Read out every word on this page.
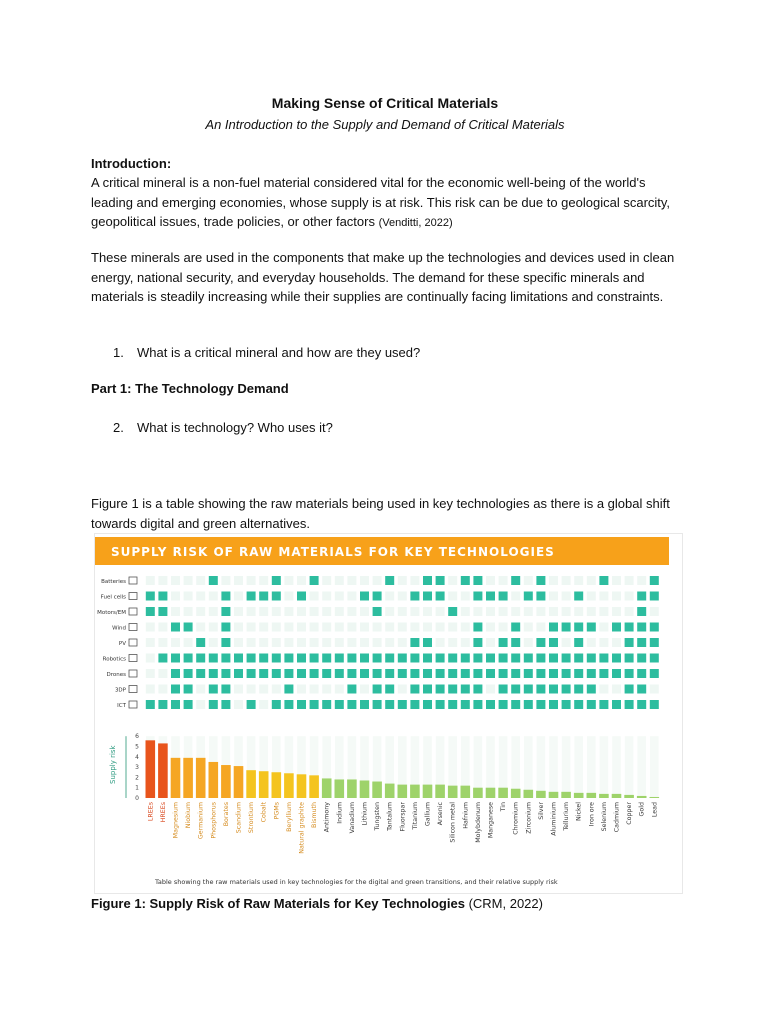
Making Sense of Critical Materials
An Introduction to the Supply and Demand of Critical Materials
Introduction:
A critical mineral is a non-fuel material considered vital for the economic well-being of the world's leading and emerging economies, whose supply is at risk. This risk can be due to geological scarcity, geopolitical issues, trade policies, or other factors (Venditti, 2022)
These minerals are used in the components that make up the technologies and devices used in clean energy, national security, and everyday households. The demand for these specific minerals and materials is steadily increasing while their supplies are continually facing limitations and constraints.
1. What is a critical mineral and how are they used?
Part 1: The Technology Demand
2. What is technology? Who uses it?
Figure 1 is a table showing the raw materials being used in key technologies as there is a global shift towards digital and green alternatives.
SUPPLY RISK OF RAW MATERIALS FOR KEY TECHNOLOGIES
Batteries
Fuel cells
Motors/EM
Wind
PV
Robotics
Drones
3DP
ICT
0
1
2
3
4
5
6
LREEs HREEs Magnesium Niobium Germanium Phosphorus Borates Scandium Strontium Cobalt PGMs Beryllium Natural graphite Bismuth Antimony Indium Vanadium Lithium Tungsten Tantalum Fluorspar Titanium Gallium Arsenic Silicon metal Hafnium Molybdenum Manganese Tin Chromium Zirconium Silver Aluminium Tellurium Nickel Iron ore Selenium Cadmium Copper Gold Lead
Supply risk
Table showing the raw materials used in key technologies for the digital and green transitions, and their relative supply risk
Figure 1: Supply Risk of Raw Materials for Key Technologies (CRM, 2022)
